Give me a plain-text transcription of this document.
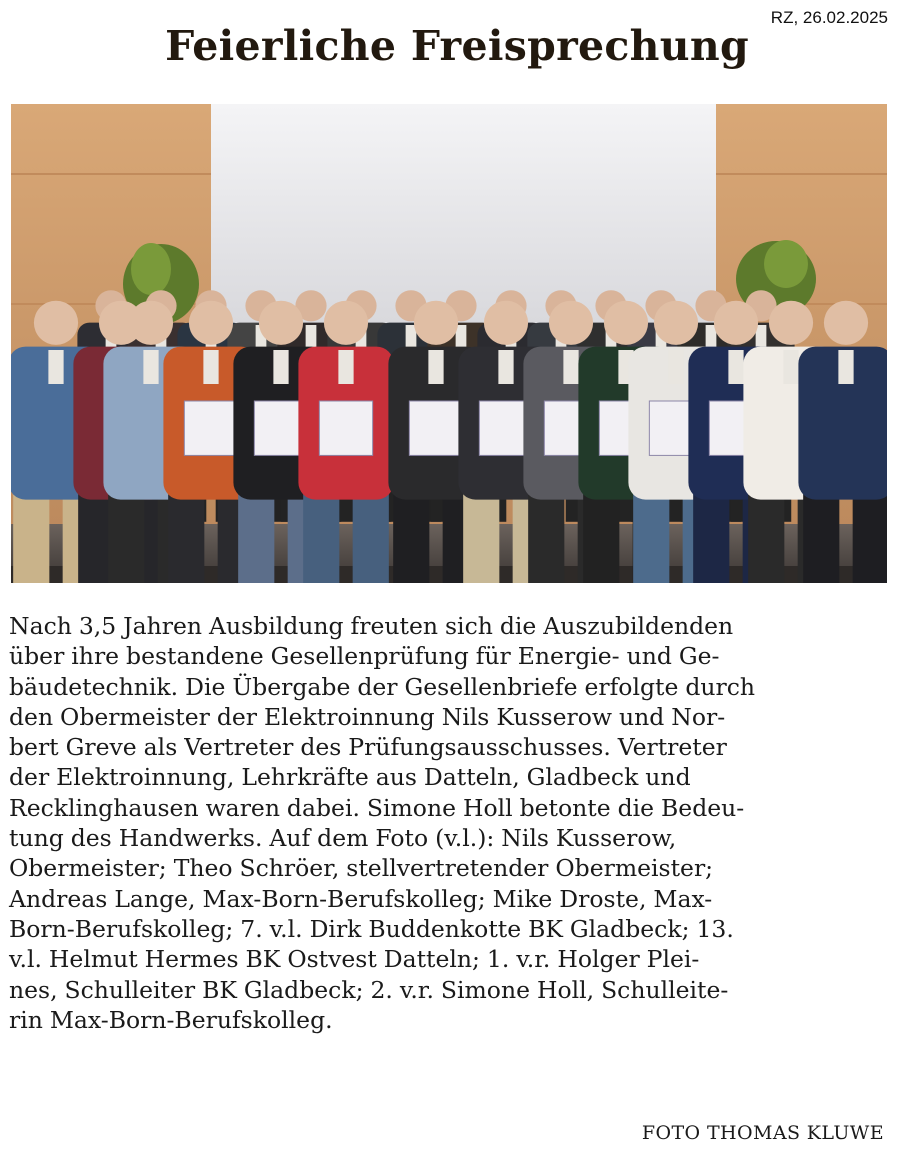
RZ, 26.02.2025
Feierliche Freisprechung
Nach 3,5 Jahren Ausbildung freuten sich die Auszubildenden
über ihre bestandene Gesellenprüfung für Energie- und Ge-
bäudetechnik. Die Übergabe der Gesellenbriefe erfolgte durch
den Obermeister der Elektroinnung Nils Kusserow und Nor-
bert Greve als Vertreter des Prüfungsausschusses. Vertreter
der Elektroinnung, Lehrkräfte aus Datteln, Gladbeck und
Recklinghausen waren dabei. Simone Holl betonte die Bedeu-
tung des Handwerks. Auf dem Foto (v.l.): Nils Kusserow,
Obermeister; Theo Schröer, stellvertretender Obermeister;
Andreas Lange, Max-Born-Berufskolleg; Mike Droste, Max-
Born-Berufskolleg; 7. v.l. Dirk Buddenkotte BK Gladbeck; 13.
v.l. Helmut Hermes BK Ostvest Datteln; 1. v.r. Holger Plei-
nes, Schulleiter BK Gladbeck; 2. v.r. Simone Holl, Schulleite-
rin Max-Born-Berufskolleg.
FOTO THOMAS KLUWE
